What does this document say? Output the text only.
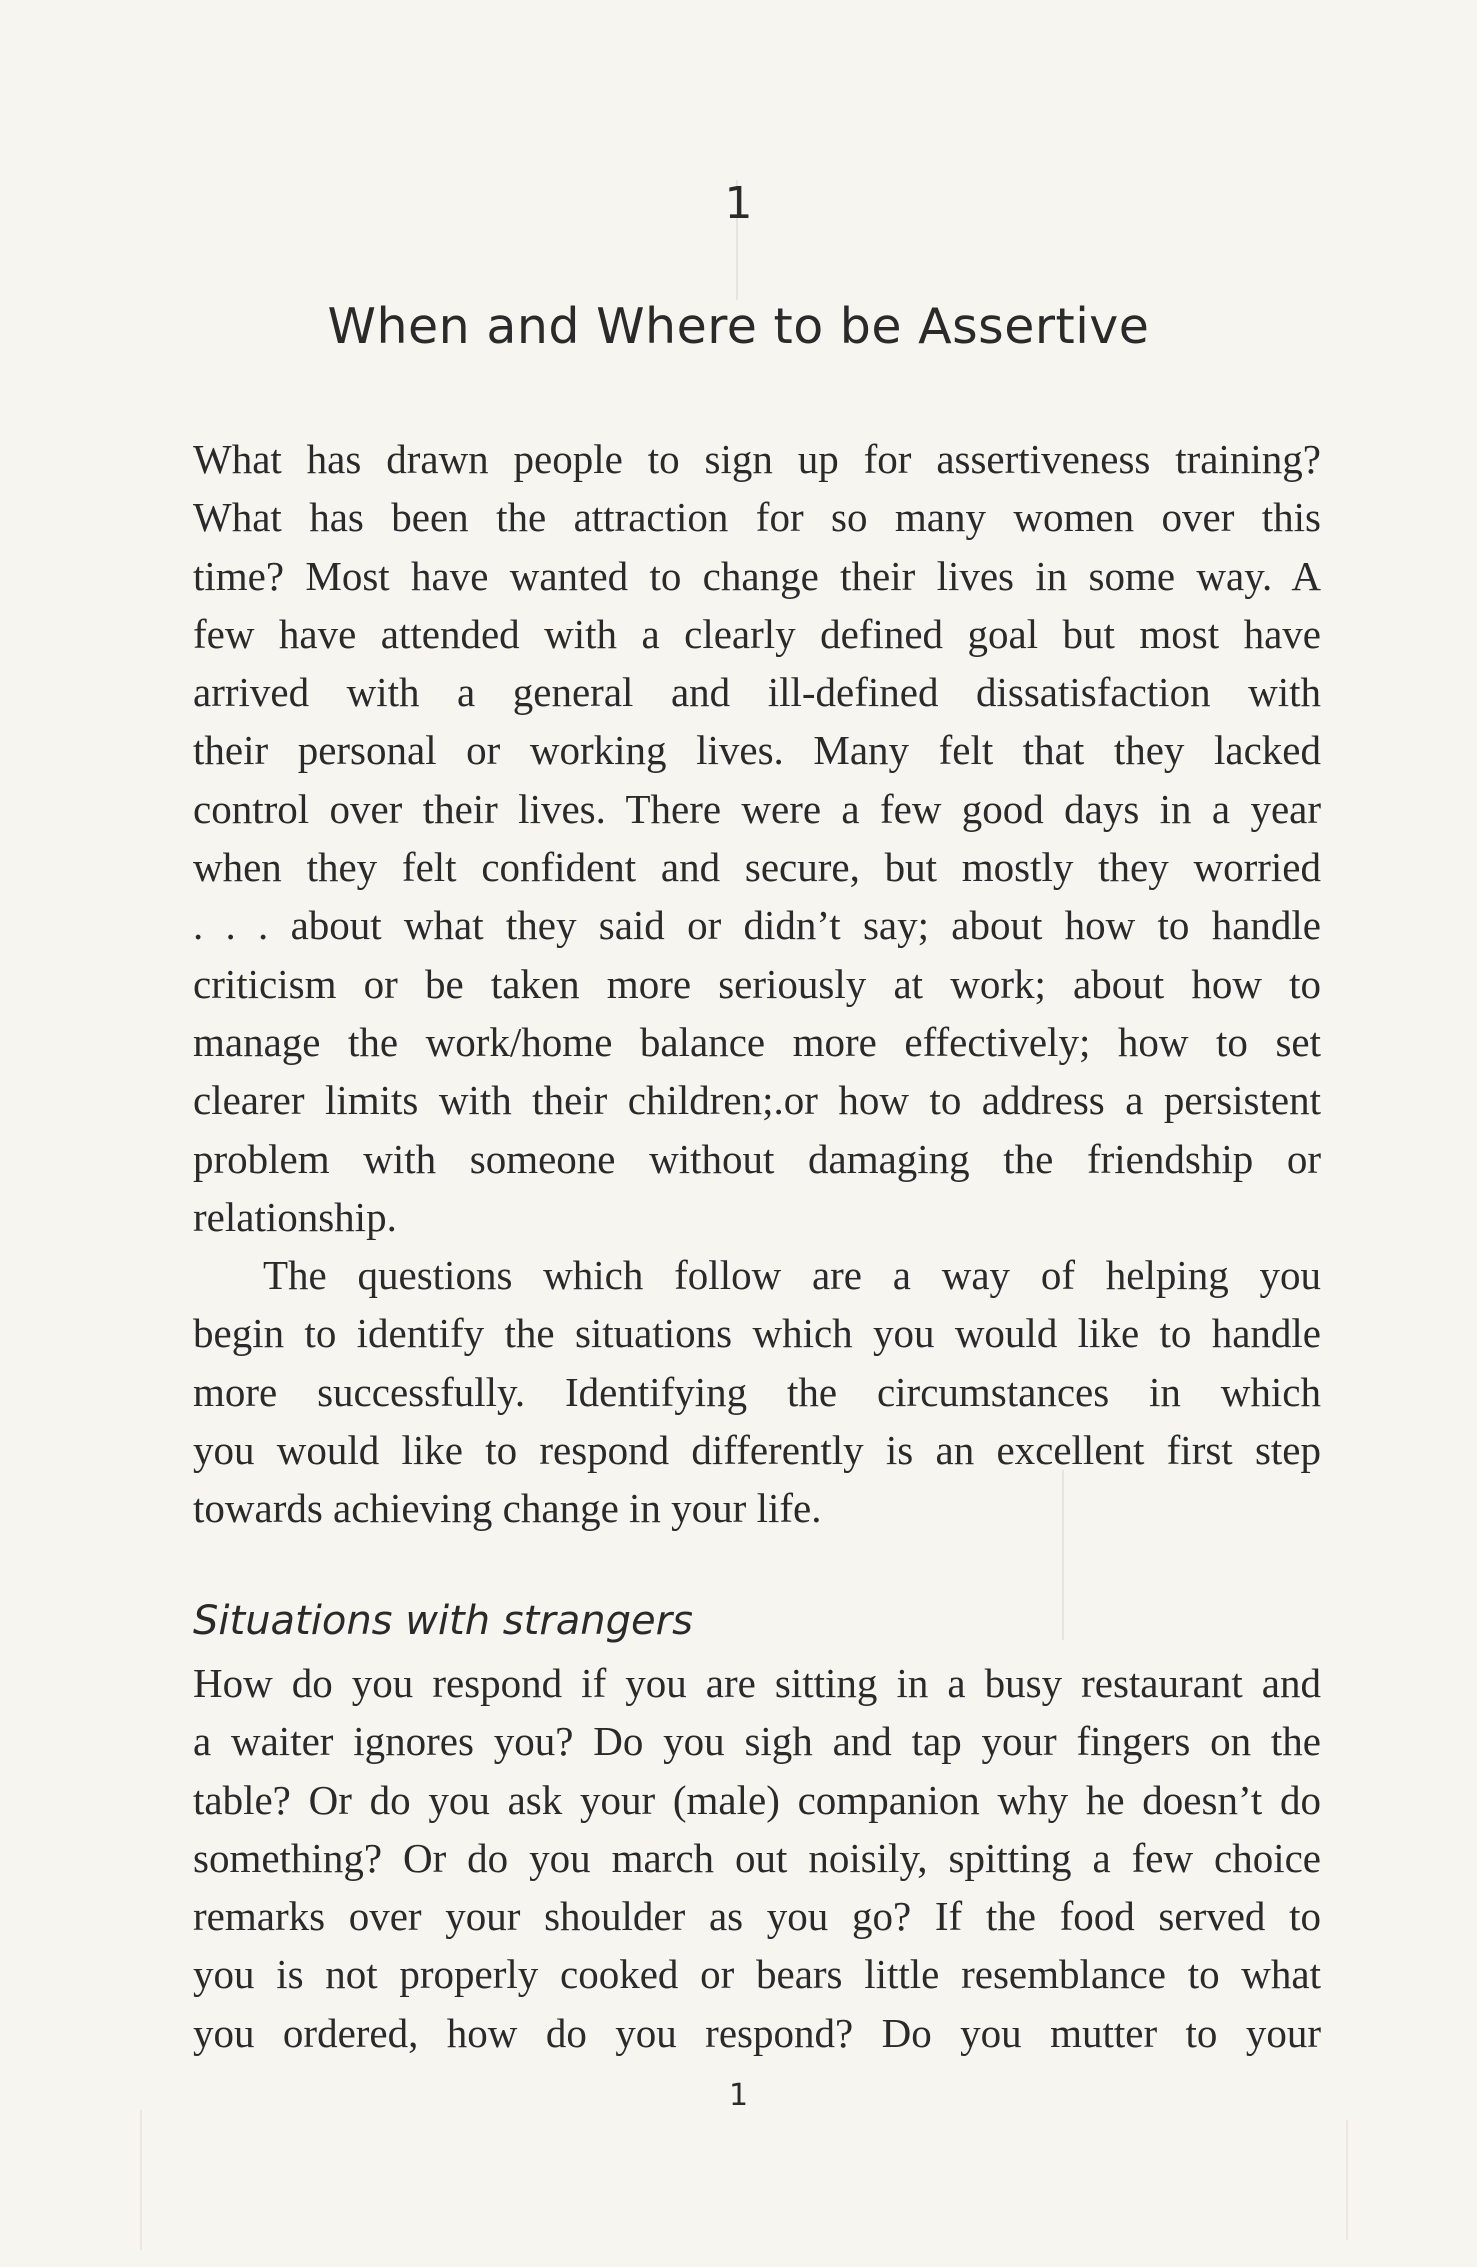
1
When and Where to be Assertive
What has drawn people to sign up for assertiveness training?
What has been the attraction for so many women over this
time? Most have wanted to change their lives in some way. A
few have attended with a clearly defined goal but most have
arrived with a general and ill-defined dissatisfaction with
their personal or working lives. Many felt that they lacked
control over their lives. There were a few good days in a year
when they felt confident and secure, but mostly they worried
. . . about what they said or didn’t say; about how to handle
criticism or be taken more seriously at work; about how to
manage the work/home balance more effectively; how to set
clearer limits with their children;.or how to address a persistent
problem with someone without damaging the friendship or
relationship.
The questions which follow are a way of helping you
begin to identify the situations which you would like to handle
more successfully. Identifying the circumstances in which
you would like to respond differently is an excellent first step
towards achieving change in your life.
Situations with strangers
How do you respond if you are sitting in a busy restaurant and
a waiter ignores you? Do you sigh and tap your fingers on the
table? Or do you ask your (male) companion why he doesn’t do
something? Or do you march out noisily, spitting a few choice
remarks over your shoulder as you go? If the food served to
you is not properly cooked or bears little resemblance to what
you ordered, how do you respond? Do you mutter to your
1
